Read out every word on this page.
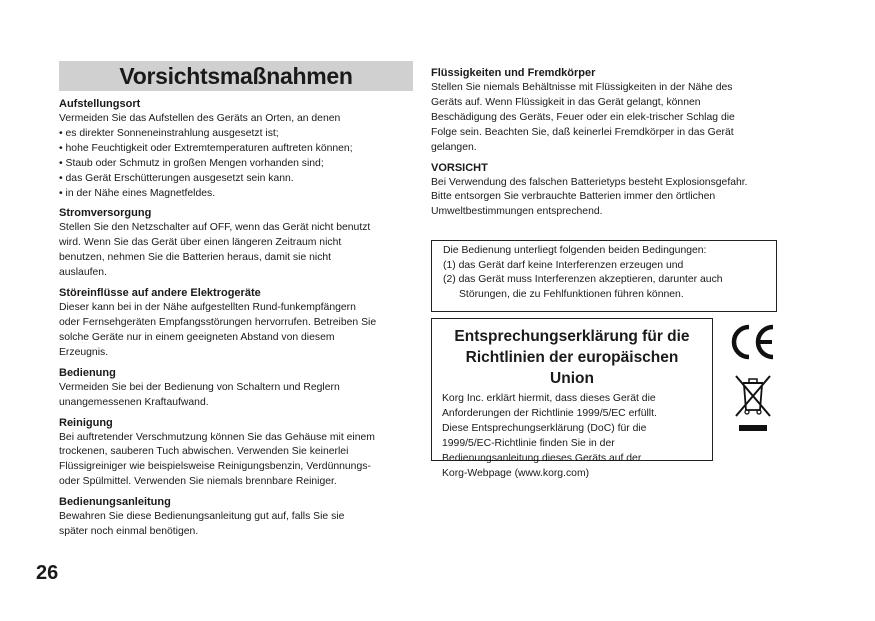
Vorsichtsmaßnahmen
Aufstellungsort

Vermeiden Sie das Aufstellen des Geräts an Orten, an denen

• es direkter Sonneneinstrahlung ausgesetzt ist;
• hohe Feuchtigkeit oder Extremtemperaturen auftreten können;
• Staub oder Schmutz in großen Mengen vorhanden sind;
• das Gerät Erschütterungen ausgesetzt sein kann.
• in der Nähe eines Magnetfeldes.
Stromversorgung

Stellen Sie den Netzschalter auf OFF, wenn das Gerät nicht benutzt

wird. Wenn Sie das Gerät über einen längeren Zeitraum nicht

benutzen, nehmen Sie die Batterien heraus, damit sie nicht

auslaufen.

Störeinflüsse auf andere Elektrogeräte

Dieser kann bei in der Nähe aufgestellten Rund-funkempfängern

oder Fernsehgeräten Empfangsstörungen hervorrufen. Betreiben Sie

solche Geräte nur in einem geeigneten Abstand von diesem

Erzeugnis.

Bedienung

Vermeiden Sie bei der Bedienung von Schaltern und Reglern

unangemessenen Kraftaufwand.

Reinigung

Bei auftretender Verschmutzung können Sie das Gehäuse mit einem

trockenen, sauberen Tuch abwischen. Verwenden Sie keinerlei

Flüssigreiniger wie beispielsweise Reinigungsbenzin, Verdünnungs-

oder Spülmittel. Verwenden Sie niemals brennbare Reiniger.

Bedienungsanleitung

Bewahren Sie diese Bedienungsanleitung gut auf, falls Sie sie

später noch einmal benötigen.

Flüssigkeiten und Fremdkörper

Stellen Sie niemals Behältnisse mit Flüssigkeiten in der Nähe des

Geräts auf. Wenn Flüssigkeit in das Gerät gelangt, können

Beschädigung des Geräts, Feuer oder ein elek-trischer Schlag die

Folge sein. Beachten Sie, daß keinerlei Fremdkörper in das Gerät

gelangen.

VORSICHT

Bei Verwendung des falschen Batterietyps besteht Explosionsgefahr.

Bitte entsorgen Sie verbrauchte Batterien immer den örtlichen

Umweltbestimmungen entsprechend.

Die Bedienung unterliegt folgenden beiden Bedingungen:

(1) das Gerät darf keine Interferenzen erzeugen und

(2) das Gerät muss Interferenzen akzeptieren, darunter auch

Störungen, die zu Fehlfunktionen führen können.

Entsprechungserklärung für die
Richtlinien der europäischen Union

Korg Inc. erklärt hiermit, dass dieses Gerät die

Anforderungen der Richtlinie 1999/5/EC erfüllt.

Diese Entsprechungserklärung (DoC) für die

1999/5/EC-Richtlinie finden Sie in der

Bedienungsanleitung dieses Geräts auf der

Korg-Webpage (www.korg.com)

26
